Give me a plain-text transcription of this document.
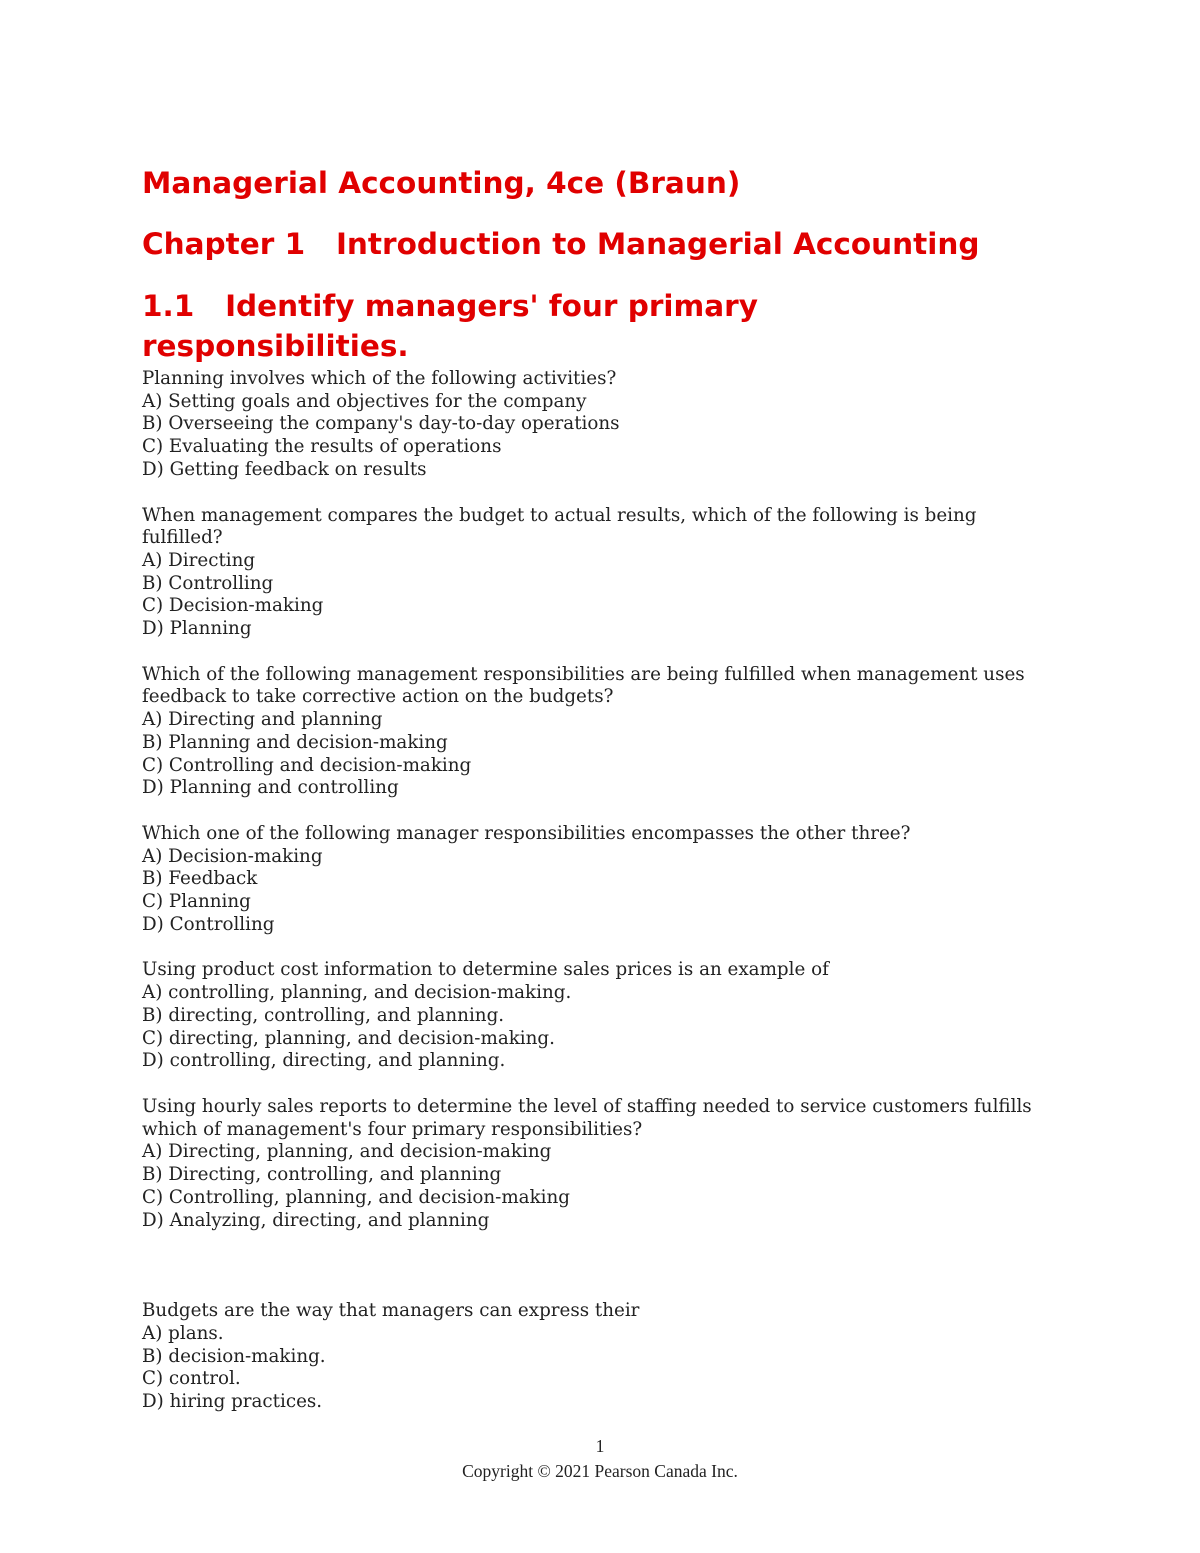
Managerial Accounting, 4ce (Braun)
Chapter 1   Introduction to Managerial Accounting
1.1   Identify managers' four primary responsibilities.
Planning involves which of the following activities?
A) Setting goals and objectives for the company
B) Overseeing the company's day-to-day operations
C) Evaluating the results of operations
D) Getting feedback on results
When management compares the budget to actual results, which of the following is being fulfilled?
A) Directing
B) Controlling
C) Decision-making
D) Planning
Which of the following management responsibilities are being fulfilled when management uses feedback to take corrective action on the budgets?
A) Directing and planning
B) Planning and decision-making
C) Controlling and decision-making
D) Planning and controlling
Which one of the following manager responsibilities encompasses the other three?
A) Decision-making
B) Feedback
C) Planning
D) Controlling
Using product cost information to determine sales prices is an example of
A) controlling, planning, and decision-making.
B) directing, controlling, and planning.
C) directing, planning, and decision-making.
D) controlling, directing, and planning.
Using hourly sales reports to determine the level of staffing needed to service customers fulfills which of management's four primary responsibilities?
A) Directing, planning, and decision-making
B) Directing, controlling, and planning
C) Controlling, planning, and decision-making
D) Analyzing, directing, and planning
Budgets are the way that managers can express their
A) plans.
B) decision-making.
C) control.
D) hiring practices.
1
Copyright © 2021 Pearson Canada Inc.
